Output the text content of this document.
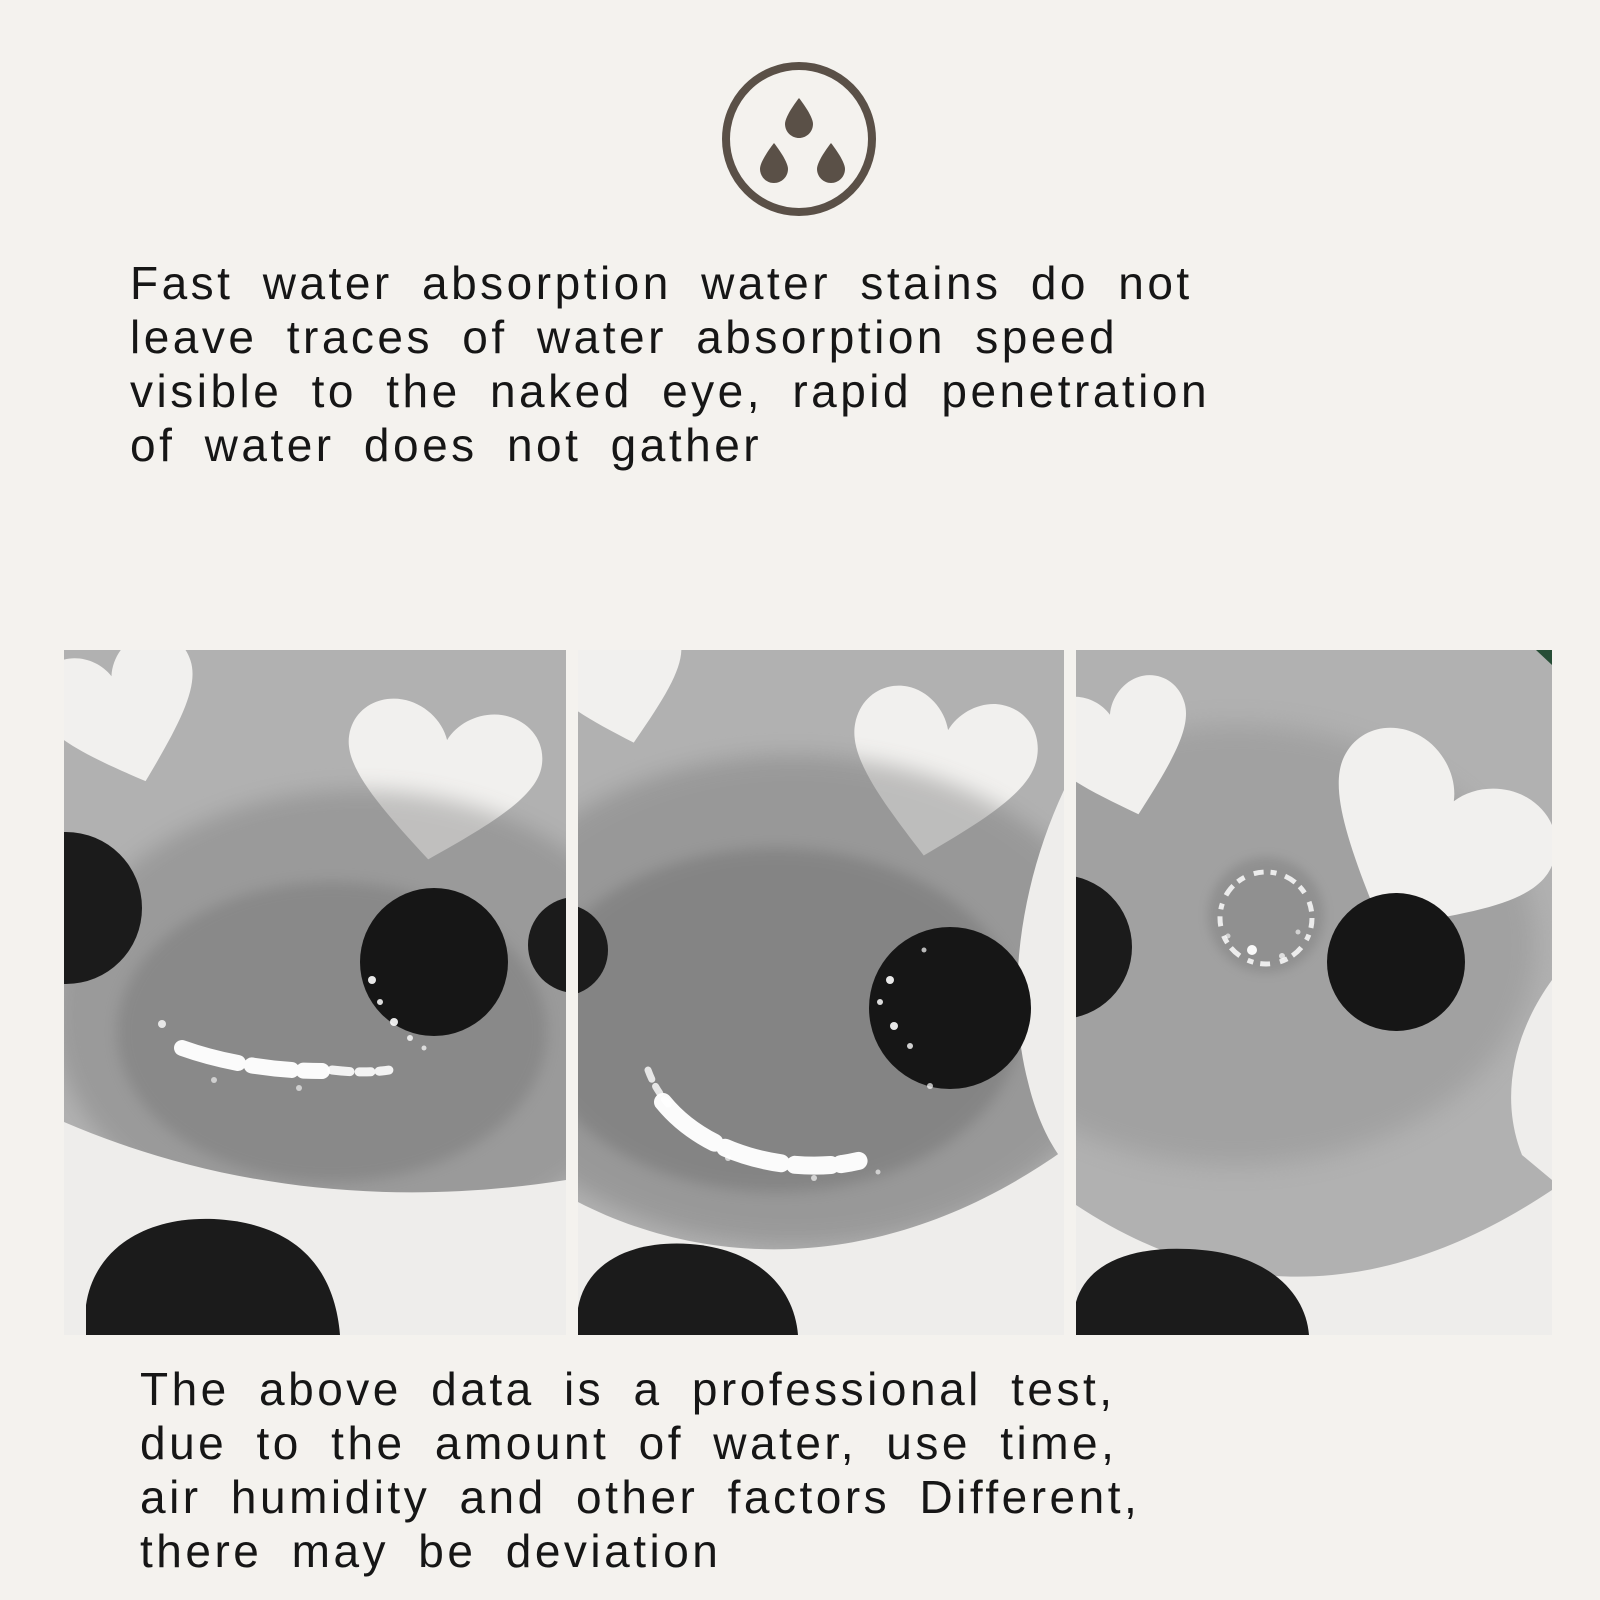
Fast water absorption water stains do not
leave traces of water absorption speed
visible to the naked eye, rapid penetration
of water does not gather
The above data is a professional test,
due to the amount of water, use time,
air humidity and other factors Different,
there may be deviation
